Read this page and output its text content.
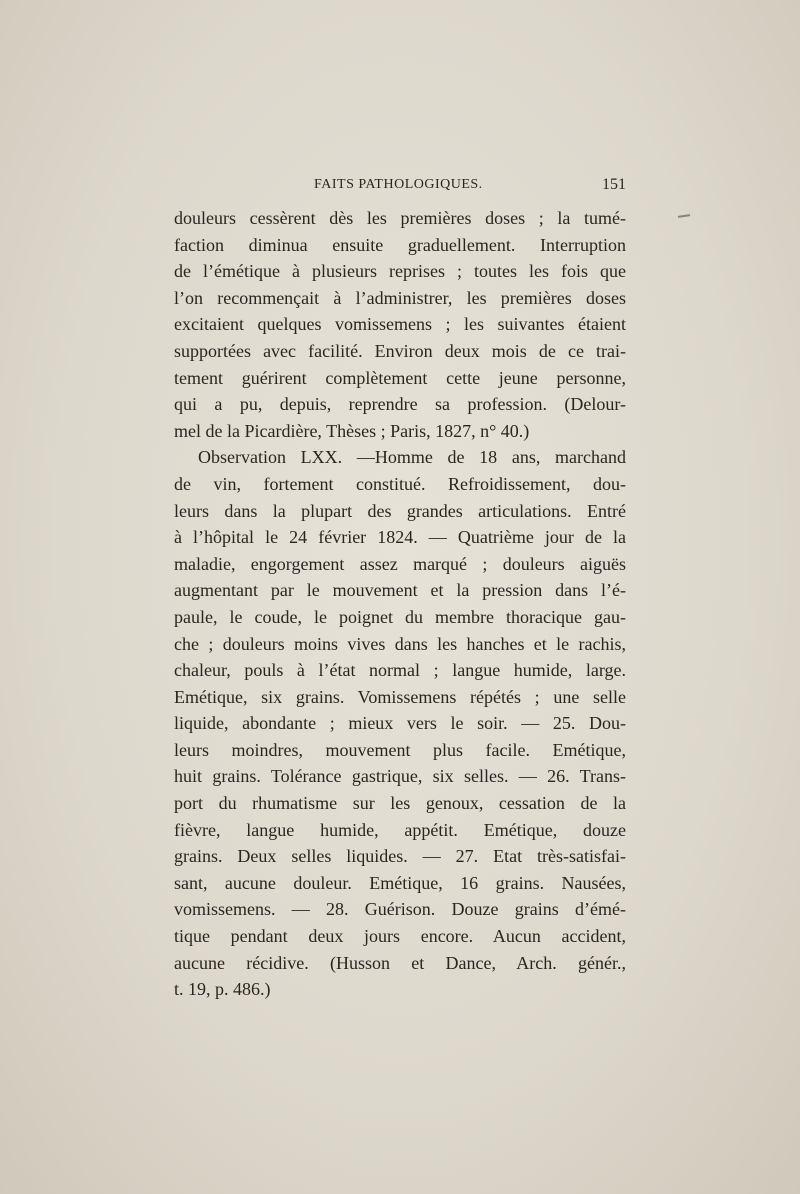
FAITS PATHOLOGIQUES.	151
douleurs cessèrent dès les premières doses ; la tumé-
faction diminua ensuite graduellement. Interruption
de l’émétique à plusieurs reprises ; toutes les fois que
l’on recommençait à l’administrer, les premières doses
excitaient quelques vomissemens ; les suivantes étaient
supportées avec facilité. Environ deux mois de ce trai-
tement guérirent complètement cette jeune personne,
qui a pu, depuis, reprendre sa profession. (Delour-
mel de la Picardière, Thèses ; Paris, 1827, n° 40.)
Observation LXX. —Homme de 18 ans, marchand
de vin, fortement constitué. Refroidissement, dou-
leurs dans la plupart des grandes articulations. Entré
à l’hôpital le 24 février 1824. — Quatrième jour de la
maladie, engorgement assez marqué ; douleurs aiguës
augmentant par le mouvement et la pression dans l’é-
paule, le coude, le poignet du membre thoracique gau-
che ; douleurs moins vives dans les hanches et le rachis,
chaleur, pouls à l’état normal ; langue humide, large.
Emétique, six grains. Vomissemens répétés ; une selle
liquide, abondante ; mieux vers le soir. — 25. Dou-
leurs moindres, mouvement plus facile. Emétique,
huit grains. Tolérance gastrique, six selles. — 26. Trans-
port du rhumatisme sur les genoux, cessation de la
fièvre, langue humide, appétit. Emétique, douze
grains. Deux selles liquides. — 27. Etat très-satisfai-
sant, aucune douleur. Emétique, 16 grains. Nausées,
vomissemens. — 28. Guérison. Douze grains d’émé-
tique pendant deux jours encore. Aucun accident,
aucune récidive. (Husson et Dance, Arch. génér.,
t. 19, p. 486.)
